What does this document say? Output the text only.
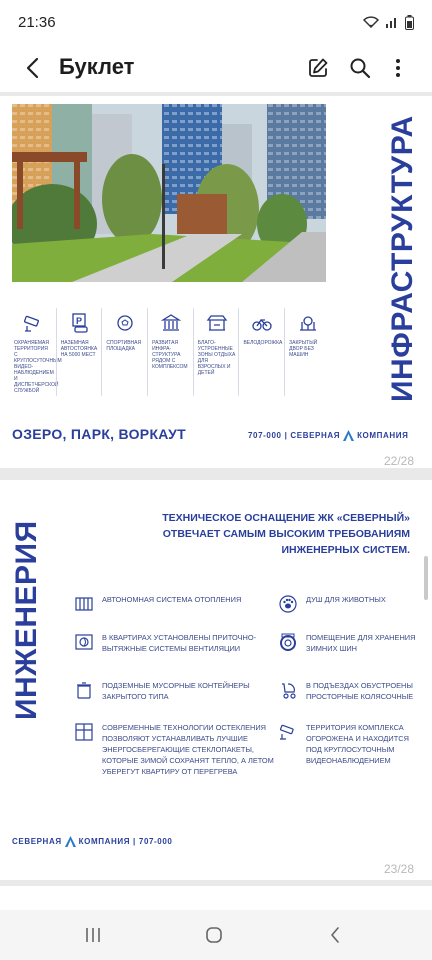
21:36
Буклет
ИНФРАСТРУКТУРА
ОХРАНЯЕМАЯ ТЕРРИТОРИЯ С КРУГЛОСУТОЧНЫМ ВИДЕО-НАБЛЮДЕНИЕМ И ДИСПЕТЧЕРСКОЙ СЛУЖБОЙ
P
НАЗЕМНАЯ АВТОСТОЯНКА НА 5000 МЕСТ
СПОРТИВНАЯ ПЛОЩАДКА
РАЗВИТАЯ ИНФРА-СТРУКТУРА РЯДОМ С КОМПЛЕКСОМ
БЛАГО-УСТРОЕННЫЕ ЗОНЫ ОТДЫХА ДЛЯ ВЗРОСЛЫХ И ДЕТЕЙ
ВЕЛОДОРОЖКА ЗАКРЫТЫЙ ДВОР БЕЗ МАШИН
ОЗЕРО, ПАРК, ВОРКАУТ	707-000 | СЕВЕРНАЯ КОМПАНИЯ
22/28
ИНЖЕНЕРИЯ
ТЕХНИЧЕСКОЕ ОСНАЩЕНИЕ ЖК «СЕВЕРНЫЙ» ОТВЕЧАЕТ САМЫМ ВЫСОКИМ ТРЕБОВАНИЯМ ИНЖЕНЕРНЫХ СИСТЕМ.
АВТОНОМНАЯ СИСТЕМА ОТОПЛЕНИЯ
В КВАРТИРАХ УСТАНОВЛЕНЫ ПРИТОЧНО-ВЫТЯЖНЫЕ СИСТЕМЫ ВЕНТИЛЯЦИИ
ПОДЗЕМНЫЕ МУСОРНЫЕ КОНТЕЙНЕРЫ ЗАКРЫТОГО ТИПА
СОВРЕМЕННЫЕ ТЕХНОЛОГИИ ОСТЕКЛЕНИЯ ПОЗВОЛЯЮТ УСТАНАВЛИВАТЬ ЛУЧШИЕ ЭНЕРГОСБЕРЕГАЮЩИЕ СТЕКЛОПАКЕТЫ, КОТОРЫЕ ЗИМОЙ СОХРАНЯТ ТЕПЛО, А ЛЕТОМ УБЕРЕГУТ КВАРТИРУ ОТ ПЕРЕГРЕВА
ДУШ ДЛЯ ЖИВОТНЫХ
ПОМЕЩЕНИЕ ДЛЯ ХРАНЕНИЯ ЗИМНИХ ШИН
В ПОДЪЕЗДАХ ОБУСТРОЕНЫ ПРОСТОРНЫЕ КОЛЯСОЧНЫЕ
ТЕРРИТОРИЯ КОМПЛЕКСА ОГОРОЖЕНА И НАХОДИТСЯ ПОД КРУГЛОСУТОЧНЫМ ВИДЕОНАБЛЮДЕНИЕМ
СЕВЕРНАЯ КОМПАНИЯ | 707-000
23/28
